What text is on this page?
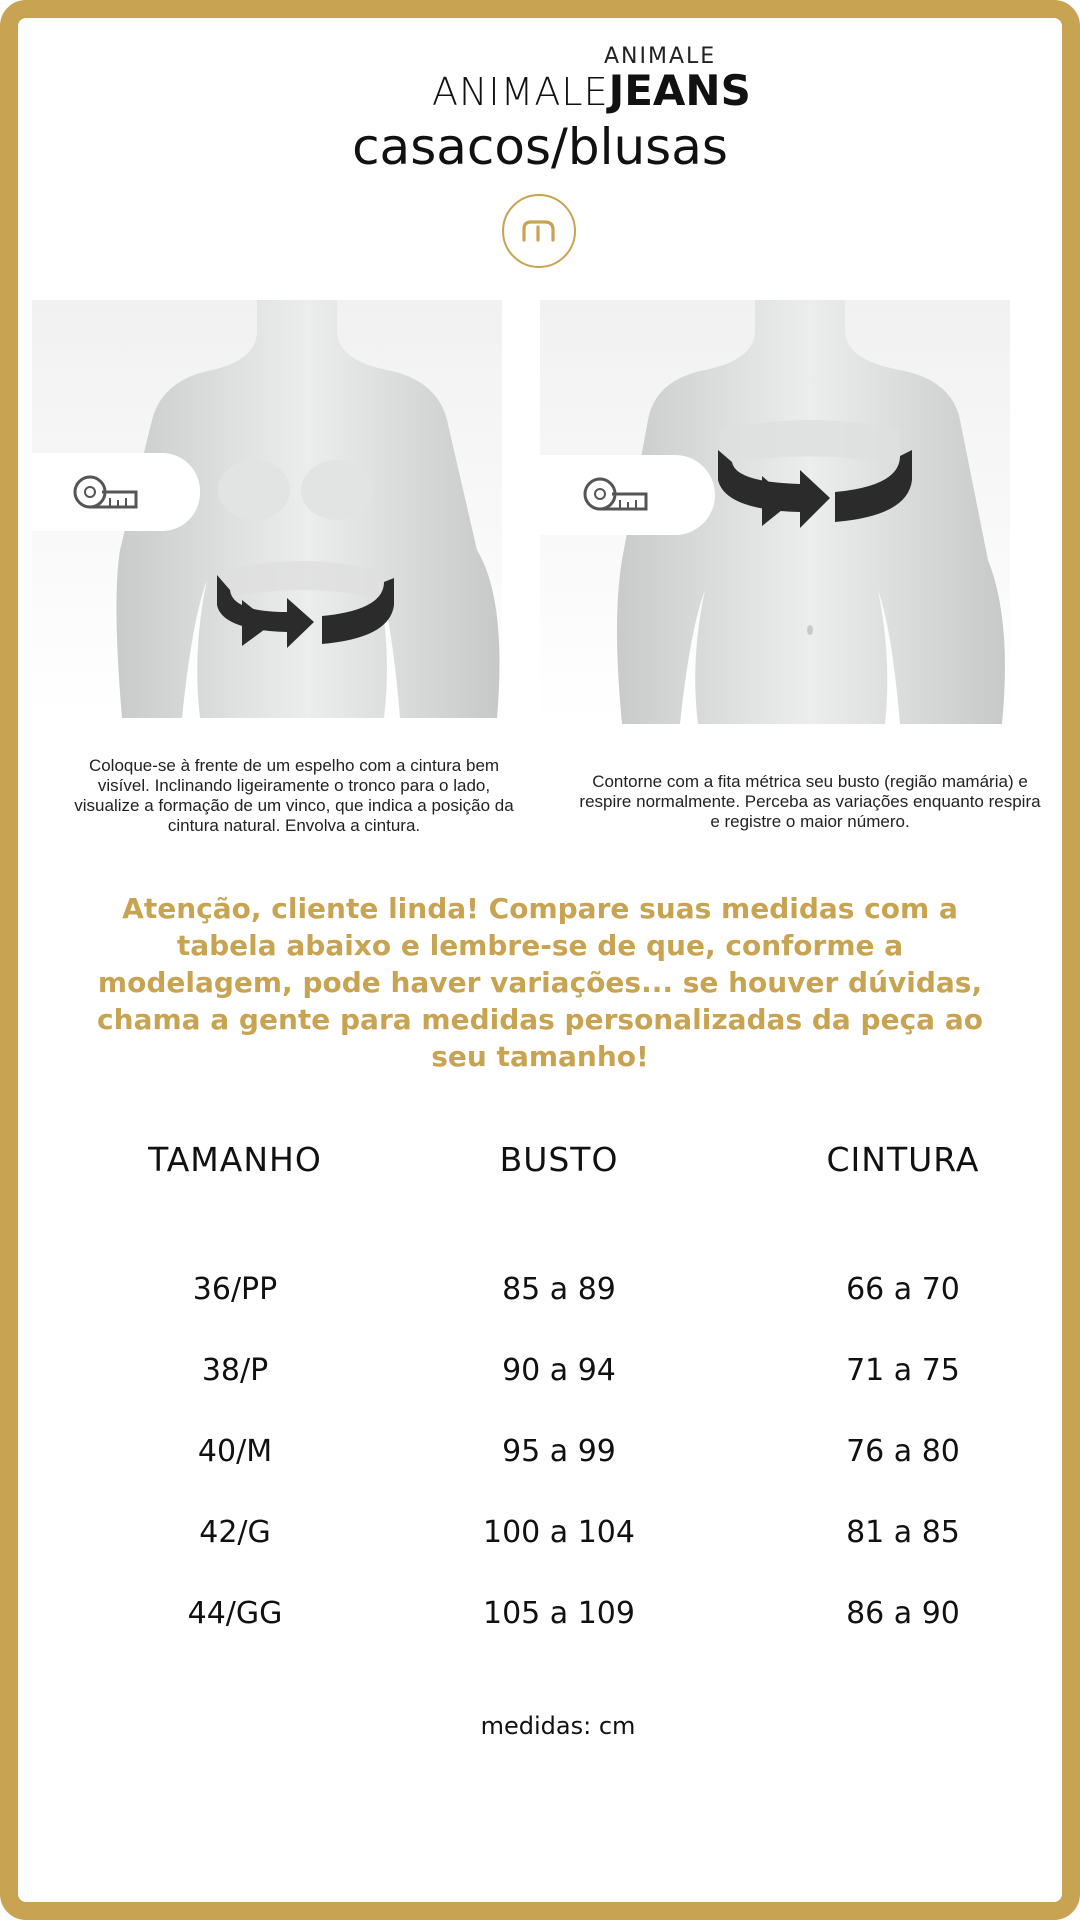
ANIMALE
ANIMALEJEANS
casacos/blusas
Coloque-se à frente de um espelho com a cintura bem visível. Inclinando ligeiramente o tronco para o lado, visualize a formação de um vinco, que indica a posição da cintura natural. Envolva a cintura.
Contorne com a fita métrica seu busto (região mamária) e respire normalmente. Perceba as variações enquanto respira e registre o maior número.
Atenção, cliente linda! Compare suas medidas com a tabela abaixo e lembre-se de que, conforme a modelagem, pode haver variações... se houver dúvidas, chama a gente para medidas personalizadas da peça ao seu tamanho!
TAMANHO	BUSTO	CINTURA
36/PP	85 a 89	66 a 70
38/P	90 a 94	71 a 75
40/M	95 a 99	76 a 80
42/G	100 a 104	81 a 85
44/GG	105 a 109	86 a 90
medidas: cm
